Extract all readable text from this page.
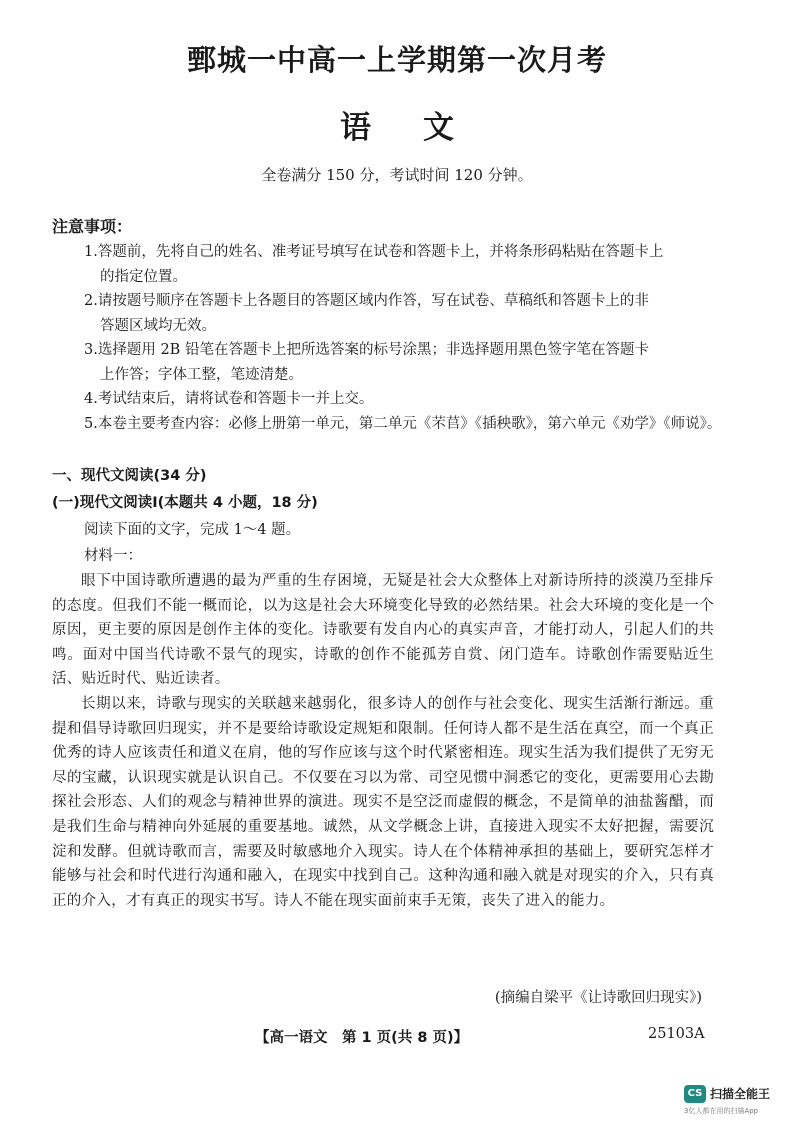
鄄城一中高一上学期第一次月考
语文
全卷满分 150 分，考试时间 120 分钟。
注意事项：
1.答题前，先将自己的姓名、准考证号填写在试卷和答题卡上，并将条形码粘贴在答题卡上
的指定位置。
2.请按题号顺序在答题卡上各题目的答题区域内作答，写在试卷、草稿纸和答题卡上的非
答题区域均无效。
3.选择题用 2B 铅笔在答题卡上把所选答案的标号涂黑；非选择题用黑色签字笔在答题卡
上作答；字体工整，笔迹清楚。
4.考试结束后，请将试卷和答题卡一并上交。
5.本卷主要考查内容：必修上册第一单元，第二单元《芣苢》《插秧歌》，第六单元《劝学》《师说》。
一、现代文阅读(34 分)
(一)现代文阅读Ⅰ(本题共 4 小题，18 分)
阅读下面的文字，完成 1～4 题。
材料一：

眼下中国诗歌所遭遇的最为严重的生存困境，无疑是社会大众整体上对新诗所持的淡漠乃至排斥的态度。但我们不能一概而论，以为这是社会大环境变化导致的必然结果。社会大环境的变化是一个原因，更主要的原因是创作主体的变化。诗歌要有发自内心的真实声音，才能打动人，引起人们的共鸣。面对中国当代诗歌不景气的现实，诗歌的创作不能孤芳自赏、闭门造车。诗歌创作需要贴近生活、贴近时代、贴近读者。

长期以来，诗歌与现实的关联越来越弱化，很多诗人的创作与社会变化、现实生活渐行渐远。重提和倡导诗歌回归现实，并不是要给诗歌设定规矩和限制。任何诗人都不是生活在真空，而一个真正优秀的诗人应该责任和道义在肩，他的写作应该与这个时代紧密相连。现实生活为我们提供了无穷无尽的宝藏，认识现实就是认识自己。不仅要在习以为常、司空见惯中洞悉它的变化，更需要用心去勘探社会形态、人们的观念与精神世界的演进。现实不是空泛而虚假的概念，不是简单的油盐酱醋，而是我们生命与精神向外延展的重要基地。诚然，从文学概念上讲，直接进入现实不太好把握，需要沉淀和发酵。但就诗歌而言，需要及时敏感地介入现实。诗人在个体精神承担的基础上，要研究怎样才能够与社会和时代进行沟通和融入，在现实中找到自己。这种沟通和融入就是对现实的介入，只有真正的介入，才有真正的现实书写。诗人不能在现实面前束手无策，丧失了进入的能力。

(摘编自梁平《让诗歌回归现实》)
【高一语文　第 1 页(共 8 页)】	25103A
CS 扫描全能王
3亿人都在用的扫描App
